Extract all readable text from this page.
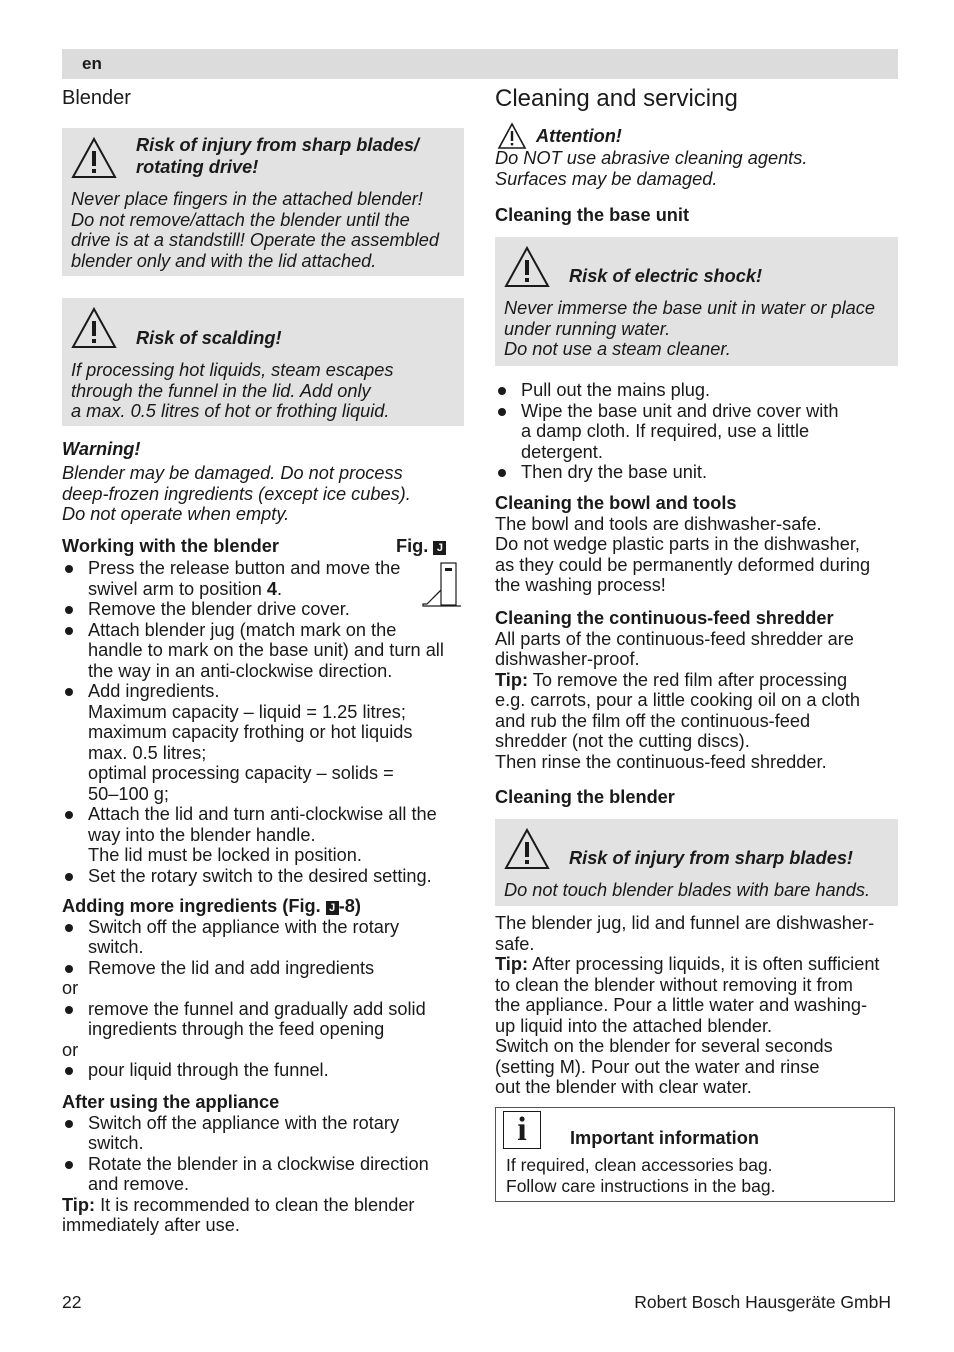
en
Blender
Risk of injury from sharp blades/
rotating drive!
Never place fingers in the attached blender!
Do not remove/attach the blender until the
drive is at a standstill! Operate the assembled
blender only and with the lid attached.
Risk of scalding!
If processing hot liquids, steam escapes
through the funnel in the lid. Add only
a max. 0.5 litres of hot or frothing liquid.
Warning!
Blender may be damaged. Do not process
deep-frozen ingredients (except ice cubes).
Do not operate when empty.
Working with the blender	Fig. J
Press the release button and move the
swivel arm to position 4.
Remove the blender drive cover.
Attach blender jug (match mark on the
handle to mark on the base unit) and turn all
the way in an anti-clockwise direction.
Add ingredients.
Maximum capacity – liquid = 1.25 litres;
maximum capacity frothing or hot liquids
max. 0.5 litres;
optimal processing capacity – solids =
50–100 g;
Attach the lid and turn anti-clockwise all the
way into the blender handle.
The lid must be locked in position.
Set the rotary switch to the desired setting.
Adding more ingredients (Fig. J -8)
Switch off the appliance with the rotary
switch.
Remove the lid and add ingredients
or
remove the funnel and gradually add solid
ingredients through the feed opening
or
pour liquid through the funnel.
After using the appliance
Switch off the appliance with the rotary
switch.
Rotate the blender in a clockwise direction
and remove.
Tip: It is recommended to clean the blender
immediately after use.
Cleaning and servicing
Attention!
Do NOT use abrasive cleaning agents.
Surfaces may be damaged.
Cleaning the base unit
Risk of electric shock!
Never immerse the base unit in water or place
under running water.
Do not use a steam cleaner.
Pull out the mains plug.
Wipe the base unit and drive cover with
a damp cloth. If required, use a little
detergent.
Then dry the base unit.
Cleaning the bowl and tools
The bowl and tools are dishwasher-safe.
Do not wedge plastic parts in the dishwasher,
as they could be permanently deformed during
the washing process!
Cleaning the continuous-feed shredder
All parts of the continuous-feed shredder are
dishwasher-proof.
Tip: To remove the red film after processing
e.g. carrots, pour a little cooking oil on a cloth
and rub the film off the continuous-feed
shredder (not the cutting discs).
Then rinse the continuous-feed shredder.
Cleaning the blender
Risk of injury from sharp blades!
Do not touch blender blades with bare hands.
The blender jug, lid and funnel are dishwasher-
safe.
Tip: After processing liquids, it is often sufficient
to clean the blender without removing it from
the appliance. Pour a little water and washing-
up liquid into the attached blender.
Switch on the blender for several seconds
(setting M). Pour out the water and rinse
out the blender with clear water.
i	Important information
If required, clean accessories bag.
Follow care instructions in the bag.
22	Robert Bosch Hausgeräte GmbH
